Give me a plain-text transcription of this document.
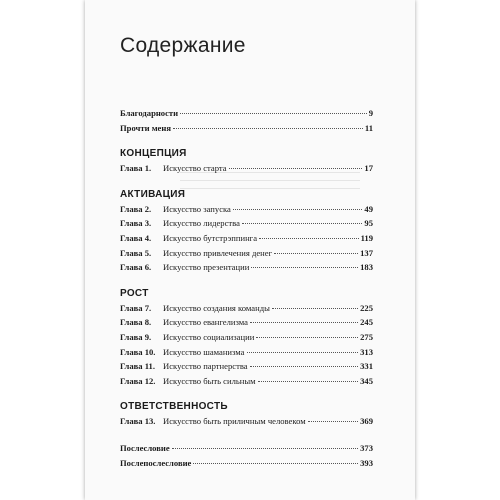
Содержание
Благодарности	9
Прочти меня	11
КОНЦЕПЦИЯ
Глава 1.	Искусство старта	17
АКТИВАЦИЯ
Глава 2.	Искусство запуска	49
Глава 3.	Искусство лидерства	95
Глава 4.	Искусство бутстрэппинга	119
Глава 5.	Искусство привлечения денег	137
Глава 6.	Искусство презентации	183
РОСТ
Глава 7.	Искусство создания команды	225
Глава 8.	Искусство евангелизма	245
Глава 9.	Искусство социализации	275
Глава 10. Искусство шаманизма	313
Глава 11. Искусство партнерства	331
Глава 12. Искусство быть сильным	345
ОТВЕТСТВЕННОСТЬ
Глава 13. Искусство быть приличным человеком	369
Послесловие	373
Послепослесловие	393
